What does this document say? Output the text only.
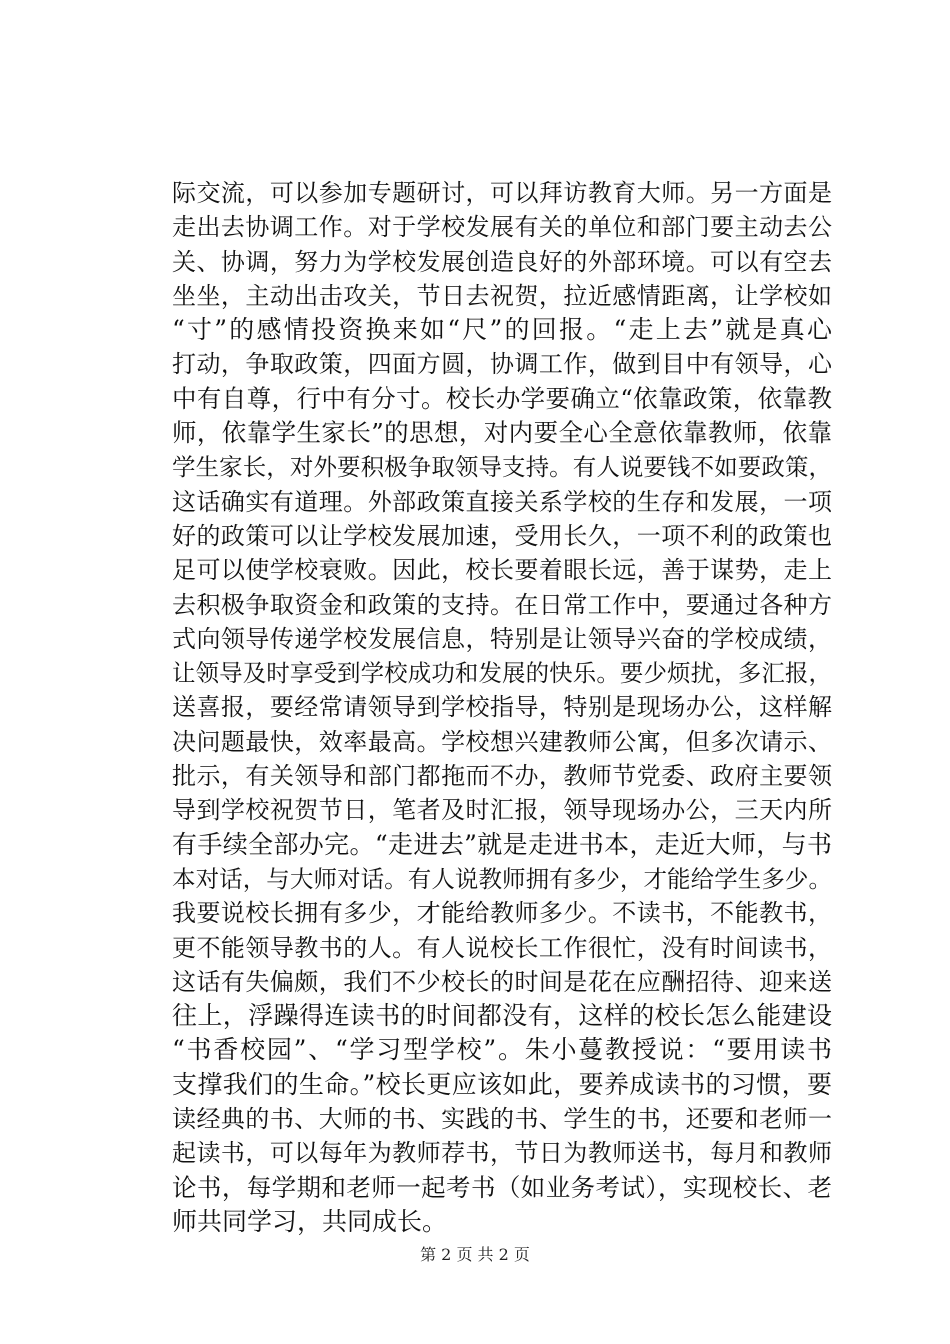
际交流，可以参加专题研讨，可以拜访教育大师。另一方面是
走出去协调工作。对于学校发展有关的单位和部门要主动去公
关、协调，努力为学校发展创造良好的外部环境。可以有空去
坐坐，主动出击攻关，节日去祝贺，拉近感情距离，让学校如
“寸”的感情投资换来如“尺”的回报。“走上去”就是真心
打动，争取政策，四面方圆，协调工作，做到目中有领导，心
中有自尊，行中有分寸。校长办学要确立“依靠政策，依靠教
师，依靠学生家长”的思想，对内要全心全意依靠教师，依靠
学生家长，对外要积极争取领导支持。有人说要钱不如要政策，
这话确实有道理。外部政策直接关系学校的生存和发展，一项
好的政策可以让学校发展加速，受用长久，一项不利的政策也
足可以使学校衰败。因此，校长要着眼长远，善于谋势，走上
去积极争取资金和政策的支持。在日常工作中，要通过各种方
式向领导传递学校发展信息，特别是让领导兴奋的学校成绩，
让领导及时享受到学校成功和发展的快乐。要少烦扰，多汇报，
送喜报，要经常请领导到学校指导，特别是现场办公，这样解
决问题最快，效率最高。学校想兴建教师公寓，但多次请示、
批示，有关领导和部门都拖而不办，教师节党委、政府主要领
导到学校祝贺节日，笔者及时汇报，领导现场办公，三天内所
有手续全部办完。“走进去”就是走进书本，走近大师，与书
本对话，与大师对话。有人说教师拥有多少，才能给学生多少。
我要说校长拥有多少，才能给教师多少。不读书，不能教书，
更不能领导教书的人。有人说校长工作很忙，没有时间读书，
这话有失偏颇，我们不少校长的时间是花在应酬招待、迎来送
往上，浮躁得连读书的时间都没有，这样的校长怎么能建设
“书香校园”、“学习型学校”。朱小蔓教授说：“要用读书
支撑我们的生命。”校长更应该如此，要养成读书的习惯，要
读经典的书、大师的书、实践的书、学生的书，还要和老师一
起读书，可以每年为教师荐书，节日为教师送书，每月和教师
论书，每学期和老师一起考书（如业务考试），实现校长、老
师共同学习，共同成长。
第 2 页 共 2 页
